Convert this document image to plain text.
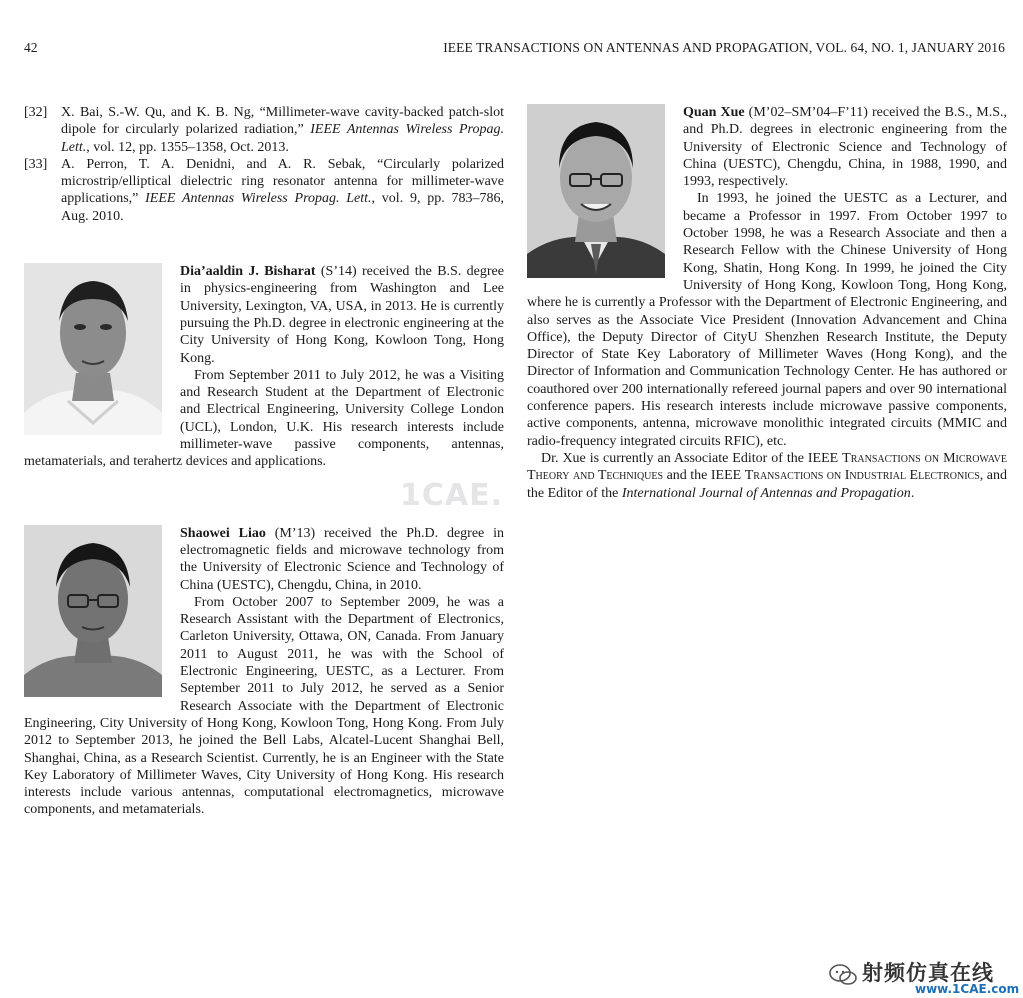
42	IEEE TRANSACTIONS ON ANTENNAS AND PROPAGATION, VOL. 64, NO. 1, JANUARY 2016

[32] X. Bai, S.-W. Qu, and K. B. Ng, “Millimeter-wave cavity-backed patch-slot dipole for circularly polarized radiation,” IEEE Antennas Wireless Propag. Lett., vol. 12, pp. 1355–1358, Oct. 2013.

[33] A. Perron, T. A. Denidni, and A. R. Sebak, “Circularly polarized microstrip/elliptical dielectric ring resonator antenna for millimeter-wave applications,” IEEE Antennas Wireless Propag. Lett., vol. 9, pp. 783–786, Aug. 2010.

Dia’aaldin J. Bisharat (S’14) received the B.S. degree in physics-engineering from Washington and Lee University, Lexington, VA, USA, in 2013. He is currently pursuing the Ph.D. degree in electronic engineering at the City University of Hong Kong, Kowloon Tong, Hong Kong.

From September 2011 to July 2012, he was a Visiting and Research Student at the Department of Electronic and Electrical Engineering, University College London (UCL), London, U.K. His research interests include millimeter-wave passive components, antennas, metamaterials, and terahertz devices and applications.

Shaowei Liao (M’13) received the Ph.D. degree in electromagnetic fields and microwave technology from the University of Electronic Science and Technology of China (UESTC), Chengdu, China, in 2010.

From October 2007 to September 2009, he was a Research Assistant with the Department of Electronics, Carleton University, Ottawa, ON, Canada. From January 2011 to August 2011, he was with the School of Electronic Engineering, UESTC, as a Lecturer. From September 2011 to July 2012, he served as a Senior Research Associate with the Department of Electronic Engineering, City University of Hong Kong, Kowloon Tong, Hong Kong. From July 2012 to September 2013, he joined the Bell Labs, Alcatel-Lucent Shanghai Bell, Shanghai, China, as a Research Scientist. Currently, he is an Engineer with the State Key Laboratory of Millimeter Waves, City University of Hong Kong. His research interests include various antennas, computational electromagnetics, microwave components, and metamaterials.

Quan Xue (M’02–SM’04–F’11) received the B.S., M.S., and Ph.D. degrees in electronic engineering from the University of Electronic Science and Technology of China (UESTC), Chengdu, China, in 1988, 1990, and 1993, respectively.

In 1993, he joined the UESTC as a Lecturer, and became a Professor in 1997. From October 1997 to October 1998, he was a Research Associate and then a Research Fellow with the Chinese University of Hong Kong, Shatin, Hong Kong. In 1999, he joined the City University of Hong Kong, Kowloon Tong, Hong Kong, where he is currently a Professor with the Department of Electronic Engineering, and also serves as the Associate Vice President (Innovation Advancement and China Office), the Deputy Director of CityU Shenzhen Research Institute, the Deputy Director of State Key Laboratory of Millimeter Waves (Hong Kong), and the Director of Information and Communication Technology Center. He has authored or coauthored over 200 internationally refereed journal papers and over 90 international conference papers. His research interests include microwave passive components, active components, antenna, microwave monolithic integrated circuits (MMIC and radio-frequency integrated circuits RFIC), etc.

Dr. Xue is currently an Associate Editor of the IEEE Transactions on Microwave Theory and Techniques and the IEEE Transactions on Industrial Electronics, and the Editor of the International Journal of Antennas and Propagation.

1CAE.
射频仿真在线
www.1CAE.com
